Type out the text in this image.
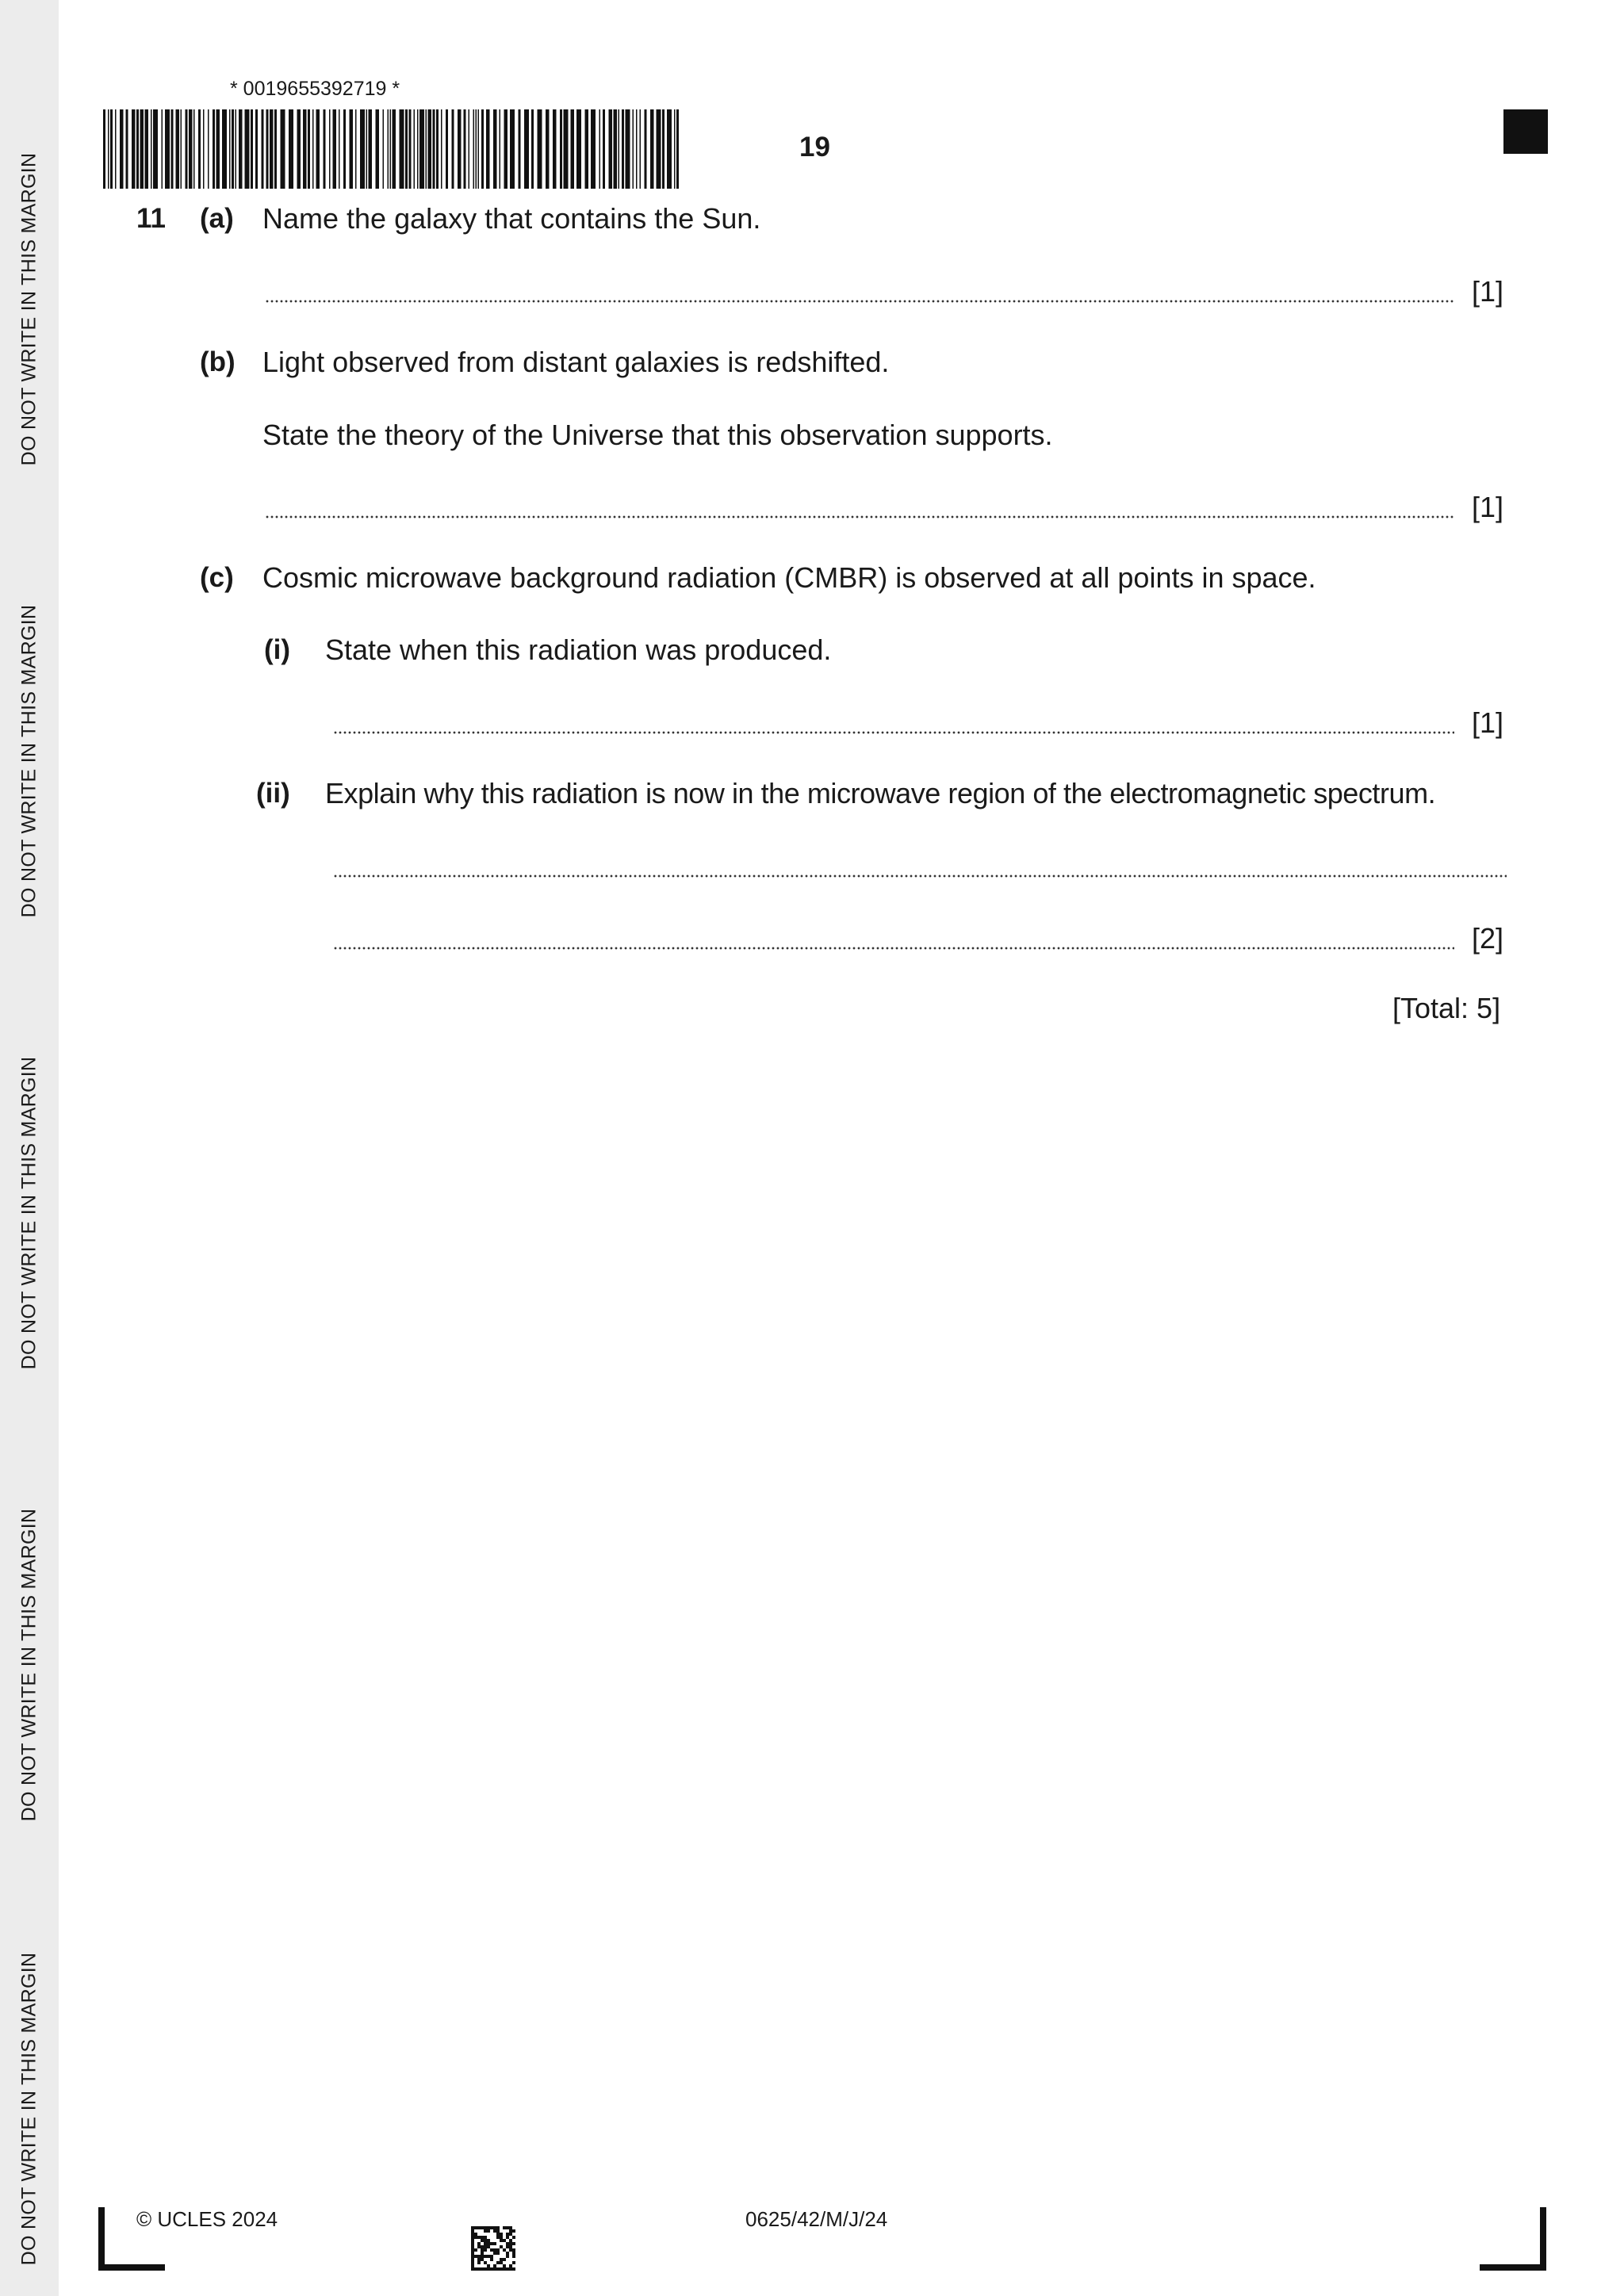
DO NOT WRITE IN THIS MARGIN
DO NOT WRITE IN THIS MARGIN
DO NOT WRITE IN THIS MARGIN
DO NOT WRITE IN THIS MARGIN
DO NOT WRITE IN THIS MARGIN
* 0019655392719 *
19
11 (a) Name the galaxy that contains the Sun.
[1]
(b) Light observed from distant galaxies is redshifted.
State the theory of the Universe that this observation supports.
[1]
(c) Cosmic microwave background radiation (CMBR) is observed at all points in space.
(i) State when this radiation was produced.
[1]
(ii) Explain why this radiation is now in the microwave region of the electromagnetic spectrum.
[2]
[Total: 5]
© UCLES 2024	0625/42/M/J/24
